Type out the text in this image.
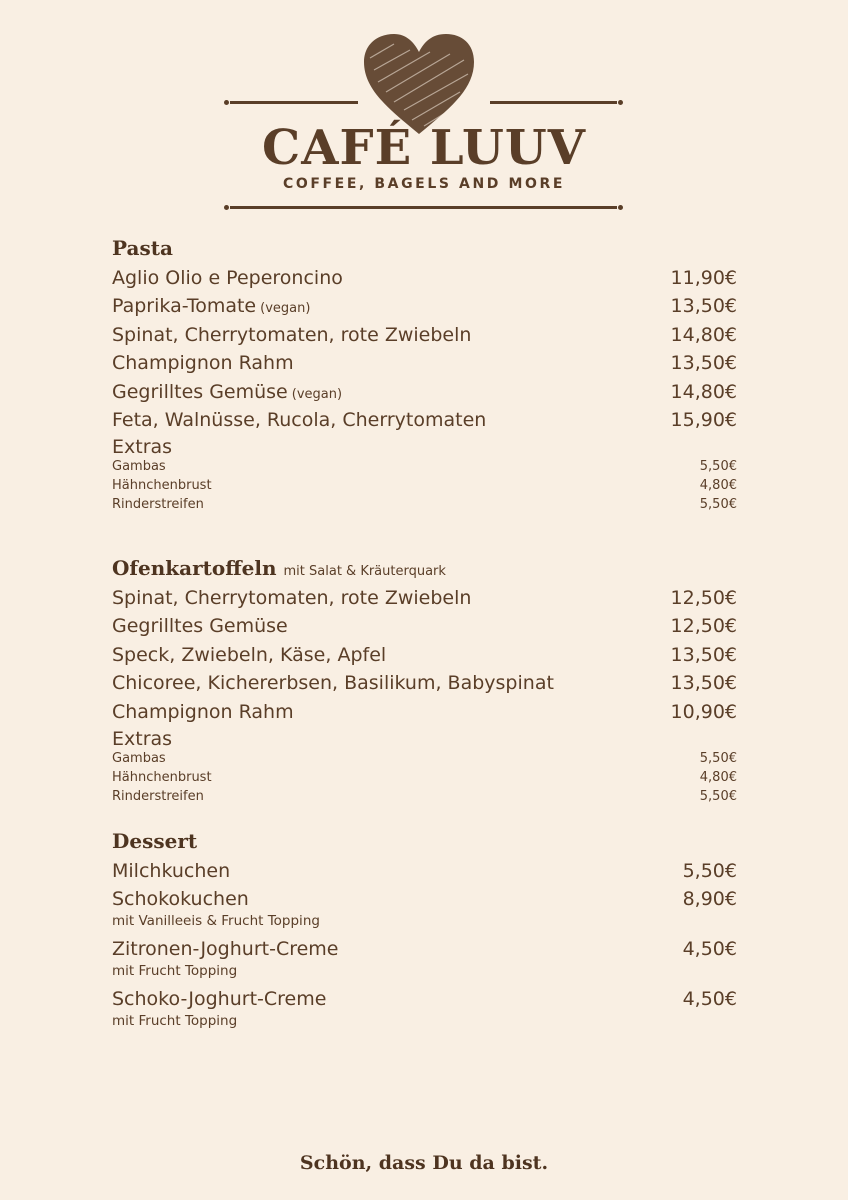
CAFÉ LUUV
COFFEE, BAGELS AND MORE
Pasta
Aglio Olio e Peperoncino	11,90€
Paprika-Tomate (vegan)	13,50€
Spinat, Cherrytomaten, rote Zwiebeln	14,80€
Champignon Rahm	13,50€
Gegrilltes Gemüse (vegan)	14,80€
Feta, Walnüsse, Rucola, Cherrytomaten	15,90€
Extras
Gambas	5,50€
Hähnchenbrust	4,80€
Rinderstreifen	5,50€
Ofenkartoffeln mit Salat & Kräuterquark
Spinat, Cherrytomaten, rote Zwiebeln	12,50€
Gegrilltes Gemüse	12,50€
Speck, Zwiebeln, Käse, Apfel	13,50€
Chicoree, Kichererbsen, Basilikum, Babyspinat	13,50€
Champignon Rahm	10,90€
Extras
Gambas	5,50€
Hähnchenbrust	4,80€
Rinderstreifen	5,50€
Dessert
Milchkuchen	5,50€
Schokokuchen	8,90€
mit Vanilleeis & Frucht Topping
Zitronen-Joghurt-Creme	4,50€
mit Frucht Topping
Schoko-Joghurt-Creme	4,50€
mit Frucht Topping
Schön, dass Du da bist.
